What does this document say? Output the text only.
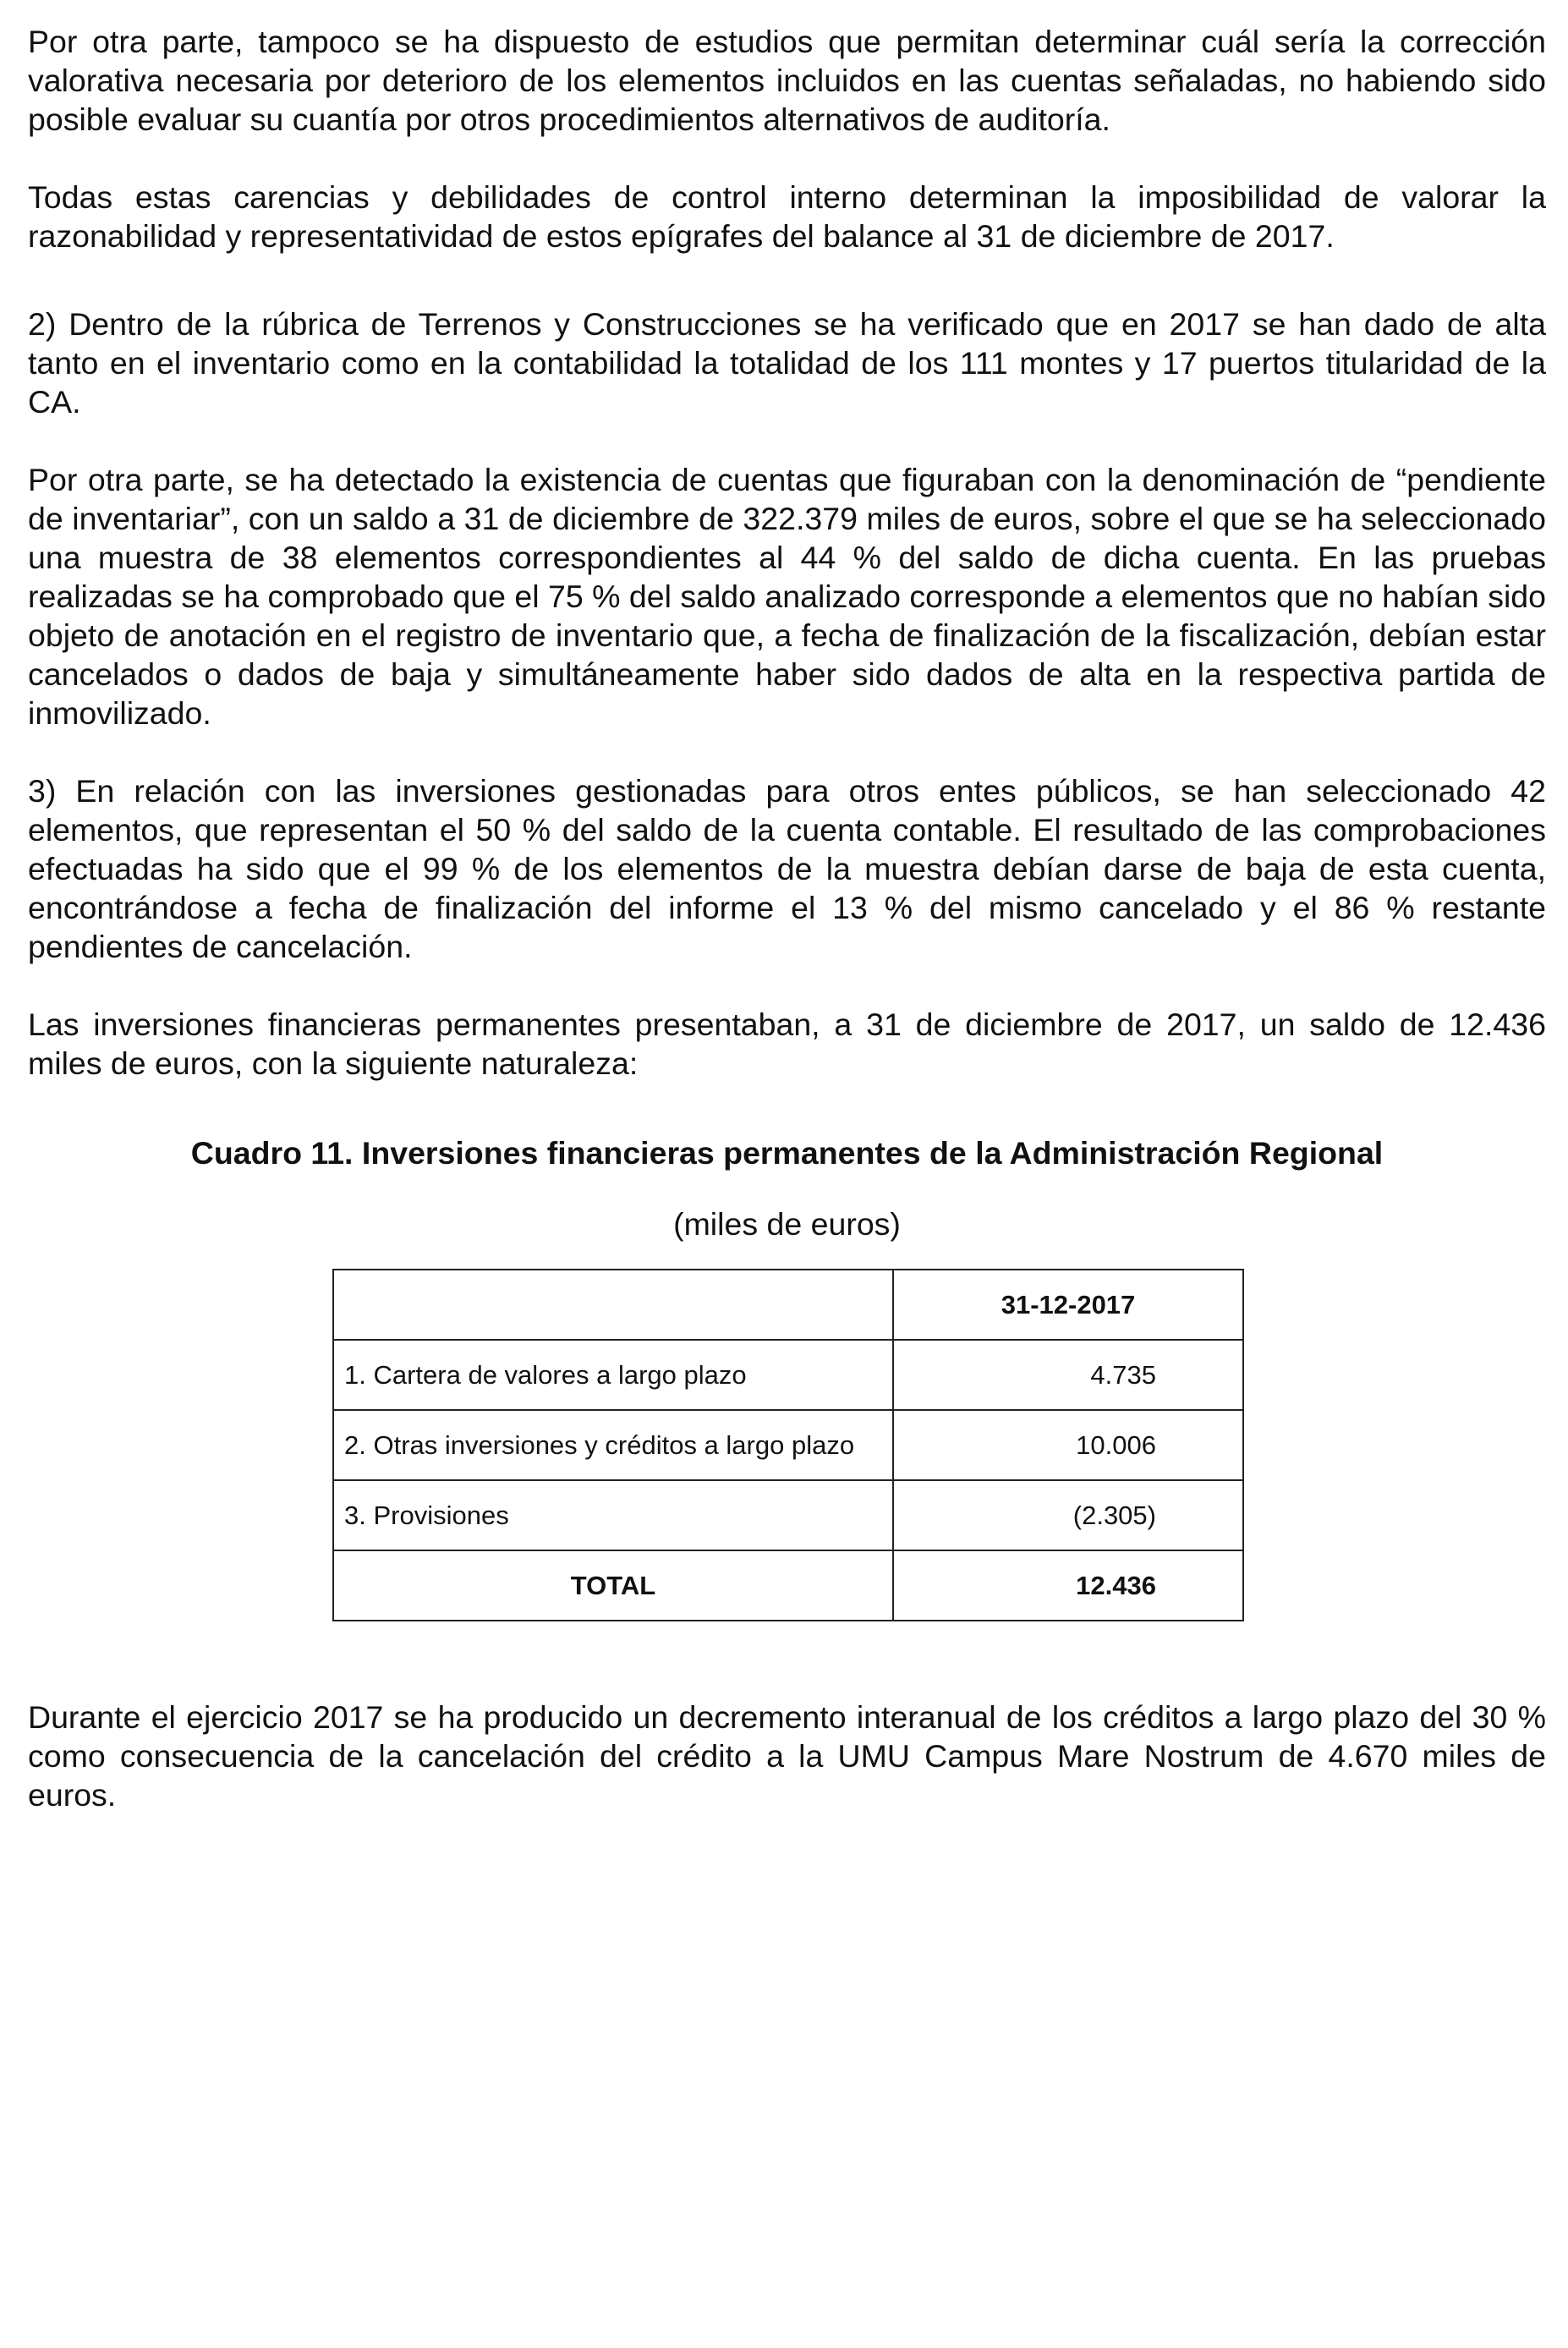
Por otra parte, tampoco se ha dispuesto de estudios que permitan determinar cuál sería la corrección valorativa necesaria por deterioro de los elementos incluidos en las cuentas señaladas, no habiendo sido posible evaluar su cuantía por otros procedimientos alternativos de auditoría.

Todas estas carencias y debilidades de control interno determinan la imposibilidad de valorar la razonabilidad y representatividad de estos epígrafes del balance al 31 de diciembre de 2017.

2) Dentro de la rúbrica de Terrenos y Construcciones se ha verificado que en 2017 se han dado de alta tanto en el inventario como en la contabilidad la totalidad de los 111 montes y 17 puertos titularidad de la CA.

Por otra parte, se ha detectado la existencia de cuentas que figuraban con la denominación de “pendiente de inventariar”, con un saldo a 31 de diciembre de 322.379 miles de euros, sobre el que se ha seleccionado una muestra de 38 elementos correspondientes al 44 % del saldo de dicha cuenta. En las pruebas realizadas se ha comprobado que el 75 % del saldo analizado corresponde a elementos que no habían sido objeto de anotación en el registro de inventario que, a fecha de finalización de la fiscalización, debían estar cancelados o dados de baja y simultáneamente haber sido dados de alta en la respectiva partida de inmovilizado.

3) En relación con las inversiones gestionadas para otros entes públicos, se han seleccionado 42 elementos, que representan el 50 % del saldo de la cuenta contable. El resultado de las comprobaciones efectuadas ha sido que el 99 % de los elementos de la muestra debían darse de baja de esta cuenta, encontrándose a fecha de finalización del informe el 13 % del mismo cancelado y el 86 % restante pendientes de cancelación.

Las inversiones financieras permanentes presentaban, a 31 de diciembre de 2017, un saldo de 12.436 miles de euros, con la siguiente naturaleza:

Cuadro 11. Inversiones financieras permanentes de la Administración Regional

(miles de euros)

	31-12-2017
1. Cartera de valores a largo plazo	4.735
2. Otras inversiones y créditos a largo plazo	10.006
3. Provisiones	(2.305)
TOTAL	12.436

Durante el ejercicio 2017 se ha producido un decremento interanual de los créditos a largo plazo del 30 % como consecuencia de la cancelación del crédito a la UMU Campus Mare Nostrum de 4.670 miles de euros.
